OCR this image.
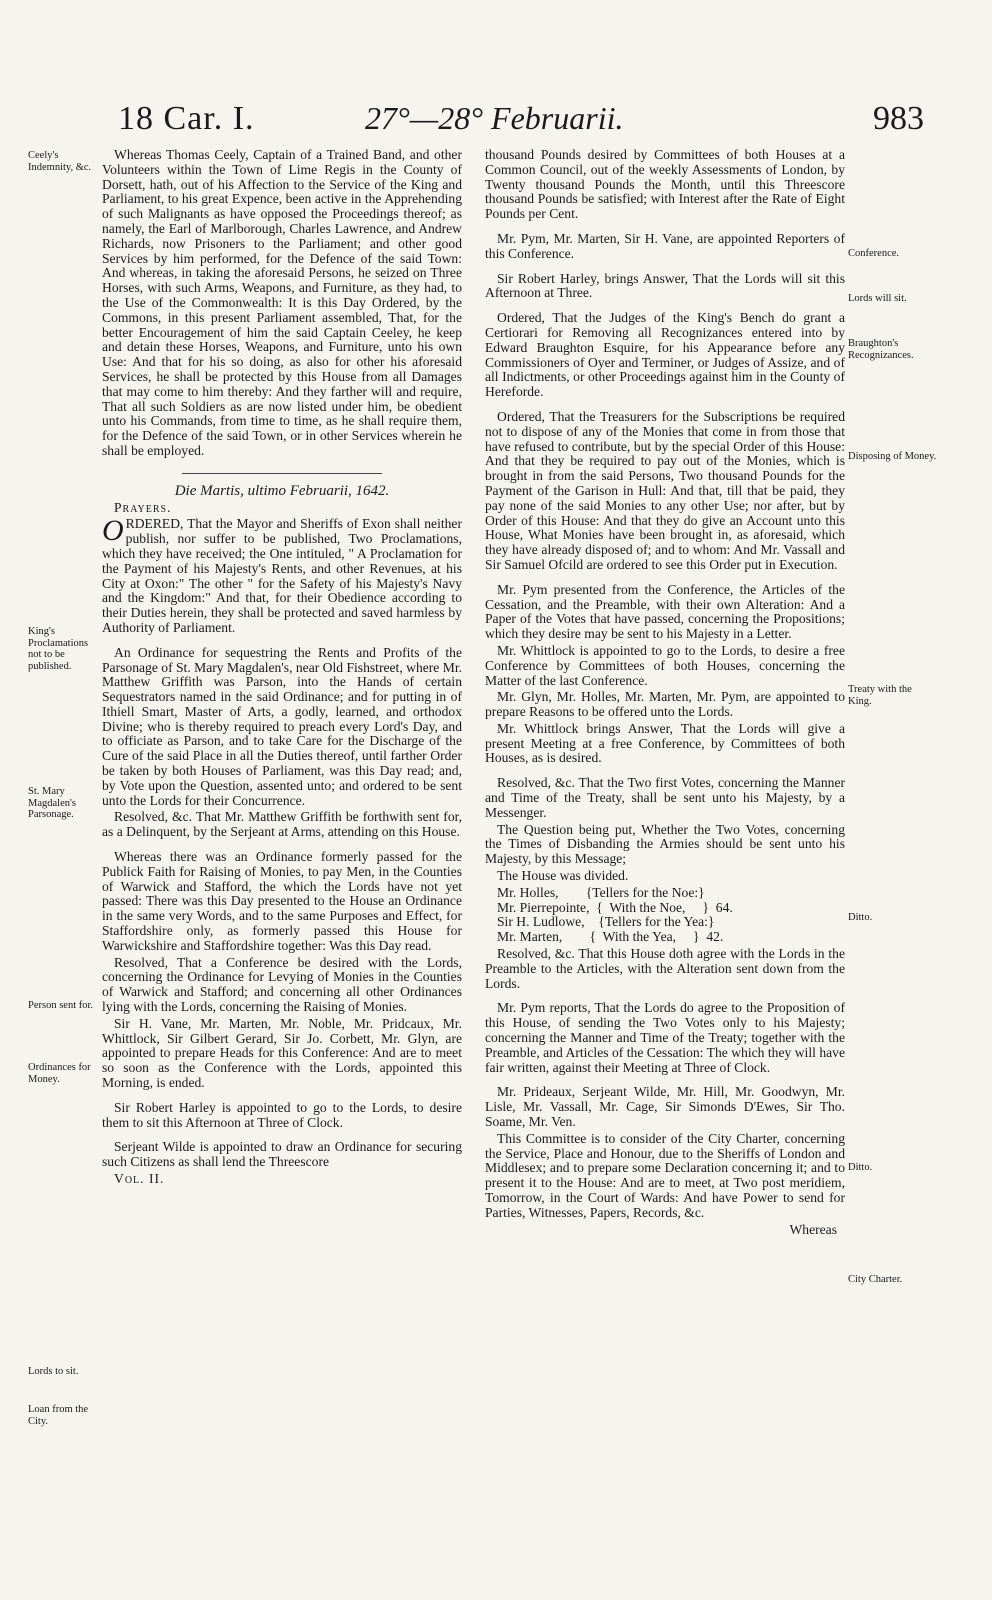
18 Car. I.	27°—28° Februarii.	983
Ceely's Indemnity, &c.
King's Proclamations not to be published.
St. Mary Magdalen's Parsonage.
Person sent for.
Ordinances for Money.
Lords to sit.
Loan from the City.
Conference.
Lords will sit.
Braughton's Recognizances.
Disposing of Money.
Treaty with the King.
Ditto.
Ditto.
City Charter.

Whereas Thomas Ceely, Captain of a Trained Band, and other Volunteers within the Town of Lime Regis in the County of Dorsett, hath, out of his Affection to the Service of the King and Parliament, to his great Expence, been active in the Apprehending of such Malignants as have opposed the Proceedings thereof; as namely, the Earl of Marlborough, Charles Lawrence, and Andrew Richards, now Prisoners to the Parliament; and other good Services by him performed, for the Defence of the said Town: And whereas, in taking the aforesaid Persons, he seized on Three Horses, with such Arms, Weapons, and Furniture, as they had, to the Use of the Commonwealth: It is this Day Ordered, by the Commons, in this present Parliament assembled, That, for the better Encouragement of him the said Captain Ceeley, he keep and detain these Horses, Weapons, and Furniture, unto his own Use: And that for his so doing, as also for other his aforesaid Services, he shall be protected by this House from all Damages that may come to him thereby: And they farther will and require, That all such Soldiers as are now listed under him, be obedient unto his Commands, from time to time, as he shall require them, for the Defence of the said Town, or in other Services wherein he shall be employed.

Die Martis, ultimo Februarii, 1642.

Prayers.

ORDERED, That the Mayor and Sheriffs of Exon shall neither publish, nor suffer to be published, Two Proclamations, which they have received; the One intituled, " A Proclamation for the Payment of his Majesty's Rents, and other Revenues, at his City at Oxon:" The other " for the Safety of his Majesty's Navy and the Kingdom:" And that, for their Obedience according to their Duties herein, they shall be protected and saved harmless by Authority of Parliament.

An Ordinance for sequestring the Rents and Profits of the Parsonage of St. Mary Magdalen's, near Old Fishstreet, where Mr. Matthew Griffith was Parson, into the Hands of certain Sequestrators named in the said Ordinance; and for putting in of Ithiell Smart, Master of Arts, a godly, learned, and orthodox Divine; who is thereby required to preach every Lord's Day, and to officiate as Parson, and to take Care for the Discharge of the Cure of the said Place in all the Duties thereof, until farther Order be taken by both Houses of Parliament, was this Day read; and, by Vote upon the Question, assented unto; and ordered to be sent unto the Lords for their Concurrence.

Resolved, &c. That Mr. Matthew Griffith be forthwith sent for, as a Delinquent, by the Serjeant at Arms, attending on this House.

Whereas there was an Ordinance formerly passed for the Publick Faith for Raising of Monies, to pay Men, in the Counties of Warwick and Stafford, the which the Lords have not yet passed: There was this Day presented to the House an Ordinance in the same very Words, and to the same Purposes and Effect, for Staffordshire only, as formerly passed this House for Warwickshire and Staffordshire together: Was this Day read.

Resolved, That a Conference be desired with the Lords, concerning the Ordinance for Levying of Monies in the Counties of Warwick and Stafford; and concerning all other Ordinances lying with the Lords, concerning the Raising of Monies.

Sir H. Vane, Mr. Marten, Mr. Noble, Mr. Pridcaux, Mr. Whittlock, Sir Gilbert Gerard, Sir Jo. Corbett, Mr. Glyn, are appointed to prepare Heads for this Conference: And are to meet so soon as the Conference with the Lords, appointed this Morning, is ended.

Sir Robert Harley is appointed to go to the Lords, to desire them to sit this Afternoon at Three of Clock.

Serjeant Wilde is appointed to draw an Ordinance for securing such Citizens as shall lend the Threescore

Vol. II.

thousand Pounds desired by Committees of both Houses at a Common Council, out of the weekly Assessments of London, by Twenty thousand Pounds the Month, until this Threescore thousand Pounds be satisfied; with Interest after the Rate of Eight Pounds per Cent.

Mr. Pym, Mr. Marten, Sir H. Vane, are appointed Reporters of this Conference.

Sir Robert Harley, brings Answer, That the Lords will sit this Afternoon at Three.

Ordered, That the Judges of the King's Bench do grant a Certiorari for Removing all Recognizances entered into by Edward Braughton Esquire, for his Appearance before any Commissioners of Oyer and Terminer, or Judges of Assize, and of all Indictments, or other Proceedings against him in the County of Hereforde.

Ordered, That the Treasurers for the Subscriptions be required not to dispose of any of the Monies that come in from those that have refused to contribute, but by the special Order of this House: And that they be required to pay out of the Monies, which is brought in from the said Persons, Two thousand Pounds for the Payment of the Garison in Hull: And that, till that be paid, they pay none of the said Monies to any other Use; nor after, but by Order of this House: And that they do give an Account unto this House, What Monies have been brought in, as aforesaid, which they have already disposed of; and to whom: And Mr. Vassall and Sir Samuel Ofcild are ordered to see this Order put in Execution.

Mr. Pym presented from the Conference, the Articles of the Cessation, and the Preamble, with their own Alteration: And a Paper of the Votes that have passed, concerning the Propositions; which they desire may be sent to his Majesty in a Letter.

Mr. Whittlock is appointed to go to the Lords, to desire a free Conference by Committees of both Houses, concerning the Matter of the last Conference.

Mr. Glyn, Mr. Holles, Mr. Marten, Mr. Pym, are appointed to prepare Reasons to be offered unto the Lords.

Mr. Whittlock brings Answer, That the Lords will give a present Meeting at a free Conference, by Committees of both Houses, as is desired.

Resolved, &c. That the Two first Votes, concerning the Manner and Time of the Treaty, shall be sent unto his Majesty, by a Messenger.

The Question being put, Whether the Two Votes, concerning the Times of Disbanding the Armies should be sent unto his Majesty, by this Message;

The House was divided.

Mr. Holles,        {Tellers for the Noe:}
Mr. Pierrepointe,  {  With the Noe,     }  64.
Sir H. Ludlowe,    {Tellers for the Yea:}
Mr. Marten,        {  With the Yea,     }  42.

Resolved, &c. That this House doth agree with the Lords in the Preamble to the Articles, with the Alteration sent down from the Lords.

Mr. Pym reports, That the Lords do agree to the Proposition of this House, of sending the Two Votes only to his Majesty; concerning the Manner and Time of the Treaty; together with the Preamble, and Articles of the Cessation: The which they will have fair written, against their Meeting at Three of Clock.

Mr. Prideaux, Serjeant Wilde, Mr. Hill, Mr. Goodwyn, Mr. Lisle, Mr. Vassall, Mr. Cage, Sir Simonds D'Ewes, Sir Tho. Soame, Mr. Ven.

This Committee is to consider of the City Charter, concerning the Service, Place and Honour, due to the Sheriffs of London and Middlesex; and to prepare some Declaration concerning it; and to present it to the House: And are to meet, at Two post meridiem, Tomorrow, in the Court of Wards: And have Power to send for Parties, Witnesses, Papers, Records, &c.

Whereas
